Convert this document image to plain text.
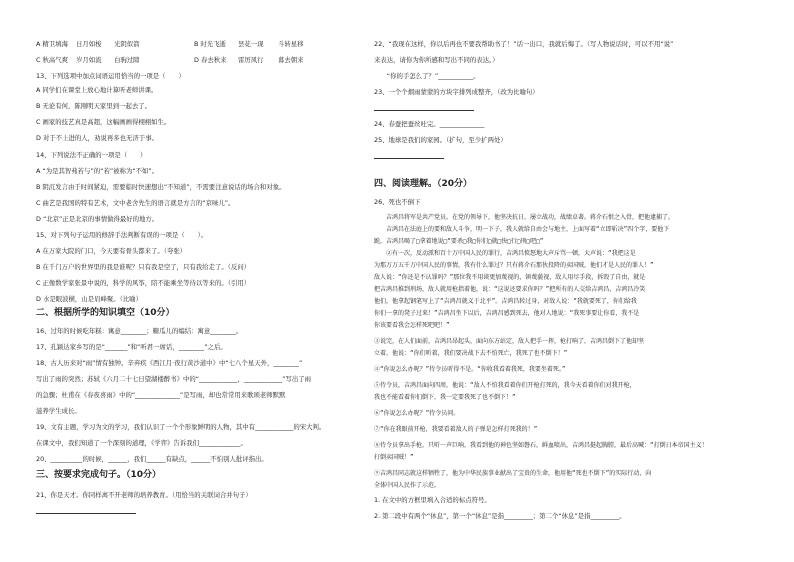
A 精卫填海	日月如梭	光阴似箭	B 时光飞逝	昙花一现	斗转星移
C 秋高气爽	岁月如流	白驹过隙	D 春去秋来	雷厉风行	暮去朝来
13、下列选项中加点词语运用恰当的一项是（　　）
A 同学们在课堂上放心地计算听老师讲课。
B 无论有何，陈刚明天家里到一起去了。
C 画家的技艺真是高超，这幅画画得栩栩如生。
D 对于不上进的人，劝说再多也无济于事。
14、下列说法不正确的一项是（　　）
A “为是其智弗若与”的“若”被称为“不如”。
B 阴沉发言由于时间紧迫，需要临时快速想出“不知道”，不需要注意说话的场合和对象。
C 曲艺是我国的特有艺术，文中老舍先生的语言就是方言的“京味儿”。
D “北京”正是北京的事情做得最好的地方。
15、对下列句子运用的修辞手法判断有误的一项是（　　）。
A 在万家大院的门口，今天要有骨头都来了。（夸张）
B 在千门万户的世界里的我是谁呢？只有我是空了，只有我给走了。（反问）
C 正像数学家张景中说的，科学的风筝，陪不能乘坐等待以等来的。（引用）
D 水是眼波横，山是眉峰聚。（比喻）
二、根据所学的知识填空（10分）
16、过年的时候吃年糕：寓意________；糖瓜儿的编结：寓意________。
17、孔颖达家乡写的是“_______”和“听君一席话，________”之后。
18、古人历来对“雨”情有独钟。辛弃疾《西江月·夜行黄沙道中》中“七八个星天外，________”
写出了雨的突然；苏轼《六月二十七日望湖楼醉书》中的“____________，____________”写出了雨
的急骤；杜甫在《春夜喜雨》中的“______________”是写雨，却也常常用来歌颂老师默默
滋养学生成长。
19、文有主题，学习为文的学习，我们认识了一个个形象鲜明的人物，其中有____________的宋大判。
在课文中，我们知道了一个深刻的道理，《学弈》告诉我们_____________。
20、__________的时候，______，我们______有缺点，______不怕别人批评指出。
三、按要求完成句子。（10分）
21、你是天才。你同样离不开老师的培养教育。（用恰当的关联词合并句子）
22、“我现在这样，你以后再也不要我帮助书了！”话一出口，我就后悔了。（写人物说话时，可以不用“说”
来表达，请你为你所感和写出不同的表达。）
　　“你的手怎么了？”___________。
23、一个个烟雨蒙蒙的方块字排列成整齐，（改为比喻句）
24、春蚕把蚕丝吐完。______________
25、地球是我们的家园。（扩句，至少扩两处）
四、阅读理解。（20分）
26、死也不倒下
　　吉鸿昌将军是共产党员。在党的领导下，他坚决抗日，屡立战功，战绩卓著。蒋介石恨之入骨，把他逮捕了。
　　吉鸿昌在法庭上的要和敌人斗争，明一下子，我人就给自由会与地主，上面写着“立即斩决”四个字，要他下
跪，吉鸿昌喝了□拿着地说□“要杀□我□你们□就□快□行□刑□吧□”
　　②有一次，反动派和百十万中国人民的罪行，吉鸿昌愤怒地大声斥骂一顿，大声说：“我把这是
为那万万五千万中国人民的事情，我有什么罪过？只有蒋介石那伙投降的卖国贼，他们才是人民的罪人！”
敌人说：“你还是不认罪吗？”那位我不用谈更加蔑视的，镇蔑藐视，敌人用尽手段，拆毁了自由，就是
把吉鸿昌推到刑场，敌人就用枪指着他，说：“这说还要求你吗？”把所有的人交给吉鸿昌，吉鸿昌冷笑
他们，他拿起钢笔写上了“吉鸿昌就义于北平”。吉鸿昌转过身，对敌人说：“我就要死了，你们给我
你们一拿的凳子过来！”吉鸿昌坐下以后，吉鸿昌感到死去，他对人地说：“我死事要让你看，我不是
你该要看我会怎样死吧吧！”
③说完，在人们面前，吉鸿昌昂起头，面向东方站定，敌人把手一挥，枪打响了，吉鸿昌倒下了他却坚
立着，他说：“你们听着，我们要决战下去不怕死亡，我死了也不倒下！”
④“你说怎么办呢？”侍令员听得不是。“你收我看着我死，我要坐着死。”
⑤侍令员，吉鸿昌面向四周，他说：“敌人不怕我看着你们开枪打死的，我今天看着你们对我开枪，
我也不能看着你们倒下，我一定要我死了也不倒下！”
⑥“你说怎么办呢？”侍令员问。
⑦“你在我眼前开枪，我要看着敌人的子弹是怎样打死我的！”
⑧侍令员拿出手枪，只听一声巨响，我看到他的神色坚如磐石，鲜血喷出，吉鸿昌挺起胸膛，最后高喊：“打倒日本帝国主义！
打倒卖国贼！”
⑨吉鸿昌同志就这样牺牲了，他为中华民族事业献出了宝贵的生命，他用他“死也不倒下”的实际行动，向
全体中国人民作了示范。
1. 在文中的方框里填入合适的标点符号。
2. 第二段中有两个“休息”，第一个“休息”是指_________；第二个“休息”是指_________。
